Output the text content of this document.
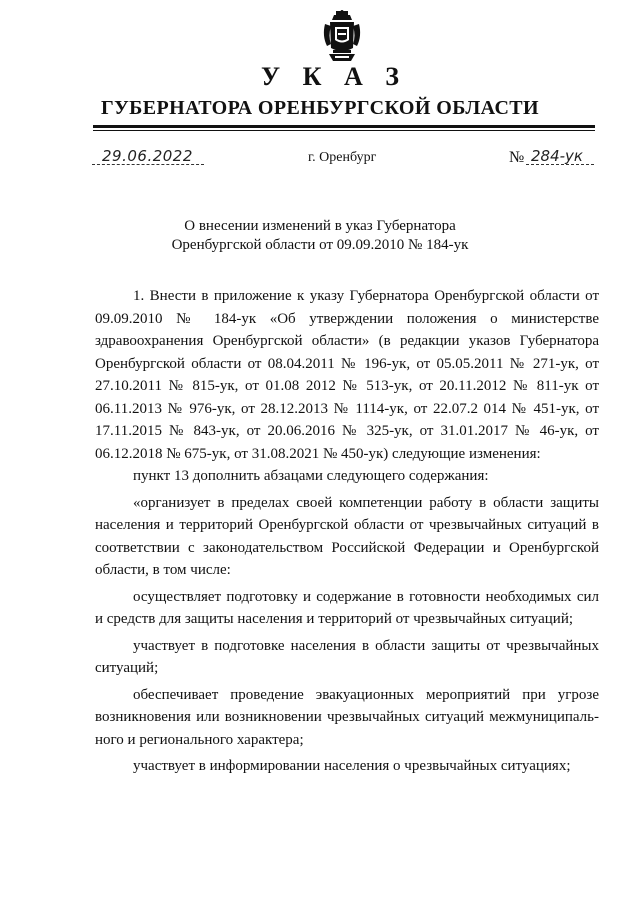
У К А З
ГУБЕРНАТОРА ОРЕНБУРГСКОЙ ОБЛАСТИ
29.06.2022	г. Оренбург	№ 284-ук
О внесении изменений в указ Губернатора
Оренбургской области от 09.09.2010 № 184-ук
1. Внести в приложение к указу Губернатора Оренбургской области от
09.09.2010 № 184-ук «Об утверждении положения о министерстве
здравоохранения Оренбургской области» (в редакции указов Губернатора
Оренбургской области от 08.04.2011 № 196-ук, от 05.05.2011 № 271-ук, от
27.10.2011 № 815-ук, от 01.08 2012 № 513-ук, от 20.11.2012 № 811-ук от
06.11.2013 № 976-ук, от 28.12.2013 № 1114-ук, от 22.07.2 014 № 451-ук, от
17.11.2015 № 843-ук, от 20.06.2016 № 325-ук, от 31.01.2017 № 46-ук, от
06.12.2018 № 675-ук, от 31.08.2021 № 450-ук) следующие изменения:
пункт 13 дополнить абзацами следующего содержания:
«организует в пределах своей компетенции работу в области защиты
населения и территорий Оренбургской области от чрезвычайных ситуаций в
соответствии с законодательством Российской Федерации и Оренбургской
области, в том числе:
осуществляет подготовку и содержание в готовности необходимых сил
и средств для защиты населения и территорий от чрезвычайных ситуаций;
участвует в подготовке населения в области защиты от чрезвычайных
ситуаций;
обеспечивает проведение эвакуационных мероприятий при угрозе
возникновения или возникновении чрезвычайных ситуаций межмуниципаль-
ного и регионального характера;
участвует в информировании населения о чрезвычайных ситуациях;
